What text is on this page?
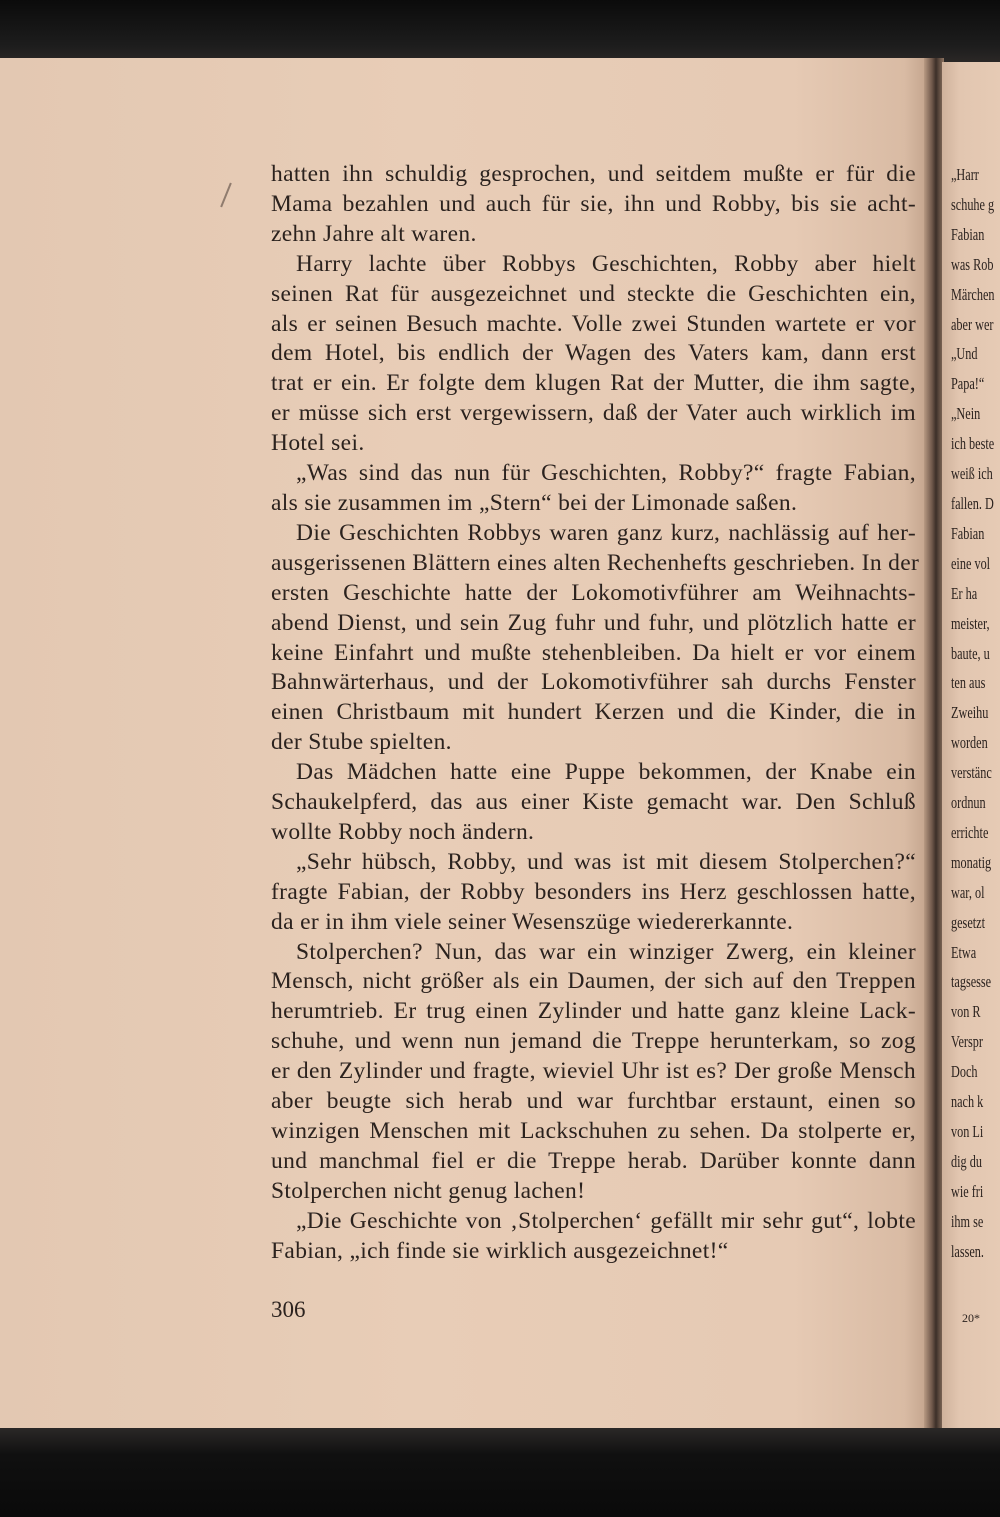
hatten ihn schuldig gesprochen, und seitdem mußte er für die
Mama bezahlen und auch für sie, ihn und Robby, bis sie acht-
zehn Jahre alt waren.
Harry lachte über Robbys Geschichten, Robby aber hielt
seinen Rat für ausgezeichnet und steckte die Geschichten ein,
als er seinen Besuch machte. Volle zwei Stunden wartete er vor
dem Hotel, bis endlich der Wagen des Vaters kam, dann erst
trat er ein. Er folgte dem klugen Rat der Mutter, die ihm sagte,
er müsse sich erst vergewissern, daß der Vater auch wirklich im
Hotel sei.
„Was sind das nun für Geschichten, Robby?“ fragte Fabian,
als sie zusammen im „Stern“ bei der Limonade saßen.
Die Geschichten Robbys waren ganz kurz, nachlässig auf her-
ausgerissenen Blättern eines alten Rechenhefts geschrieben. In der
ersten Geschichte hatte der Lokomotivführer am Weihnachts-
abend Dienst, und sein Zug fuhr und fuhr, und plötzlich hatte er
keine Einfahrt und mußte stehenbleiben. Da hielt er vor einem
Bahnwärterhaus, und der Lokomotivführer sah durchs Fenster
einen Christbaum mit hundert Kerzen und die Kinder, die in
der Stube spielten.
Das Mädchen hatte eine Puppe bekommen, der Knabe ein
Schaukelpferd, das aus einer Kiste gemacht war. Den Schluß
wollte Robby noch ändern.
„Sehr hübsch, Robby, und was ist mit diesem Stolperchen?“
fragte Fabian, der Robby besonders ins Herz geschlossen hatte,
da er in ihm viele seiner Wesenszüge wiedererkannte.
Stolperchen? Nun, das war ein winziger Zwerg, ein kleiner
Mensch, nicht größer als ein Daumen, der sich auf den Treppen
herumtrieb. Er trug einen Zylinder und hatte ganz kleine Lack-
schuhe, und wenn nun jemand die Treppe herunterkam, so zog
er den Zylinder und fragte, wieviel Uhr ist es? Der große Mensch
aber beugte sich herab und war furchtbar erstaunt, einen so
winzigen Menschen mit Lackschuhen zu sehen. Da stolperte er,
und manchmal fiel er die Treppe herab. Darüber konnte dann
Stolperchen nicht genug lachen!
„Die Geschichte von ‚Stolperchen‘ gefällt mir sehr gut“, lobte
Fabian, „ich finde sie wirklich ausgezeichnet!“
306
„Harr
schuhe g
Fabian
was Rob
Märchen
aber wer
„Und
Papa!“
„Nein
ich beste
weiß ich
fallen. D
Fabian
eine vol
Er ha
meister,
baute, u
ten aus
Zweihu
worden
verstänc
ordnun
errichte
monatig
war, ol
gesetzt
Etwa
tagsesse
von R
Verspr
Doch
nach k
von Li
dig du
wie fri
ihm se
lassen.
20*
